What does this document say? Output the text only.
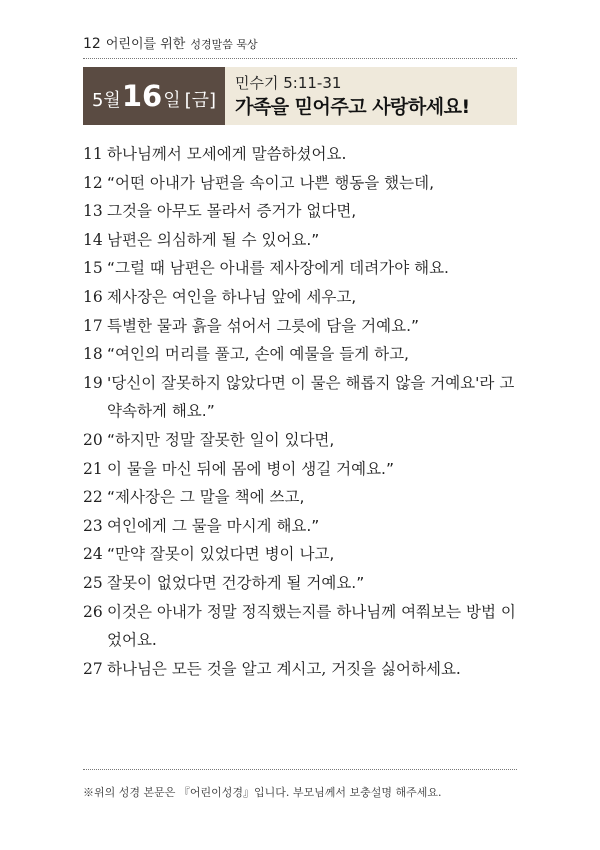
12 어린이를 위한 성경말씀 묵상
5월16일 [금]
민수기 5:11-31
가족을 믿어주고 사랑하세요!
11 하나님께서 모세에게 말씀하셨어요.
12 “어떤 아내가 남편을 속이고 나쁜 행동을 했는데,
13 그것을 아무도 몰라서 증거가 없다면,
14 남편은 의심하게 될 수 있어요.”
15 “그럴 때 남편은 아내를 제사장에게 데려가야 해요.
16 제사장은 여인을 하나님 앞에 세우고,
17 특별한 물과 흙을 섞어서 그릇에 담을 거예요.”
18 “여인의 머리를 풀고, 손에 예물을 들게 하고,
19 '당신이 잘못하지 않았다면 이 물은 해롭지 않을 거예요'라 고 약속하게 해요.”
20 “하지만 정말 잘못한 일이 있다면,
21 이 물을 마신 뒤에 몸에 병이 생길 거예요.”
22 “제사장은 그 말을 책에 쓰고,
23 여인에게 그 물을 마시게 해요.”
24 “만약 잘못이 있었다면 병이 나고,
25 잘못이 없었다면 건강하게 될 거예요.”
26 이것은 아내가 정말 정직했는지를 하나님께 여쭤보는 방법 이었어요.
27 하나님은 모든 것을 알고 계시고, 거짓을 싫어하세요.
※위의 성경 본문은 『어린이성경』입니다. 부모님께서 보충설명 해주세요.
